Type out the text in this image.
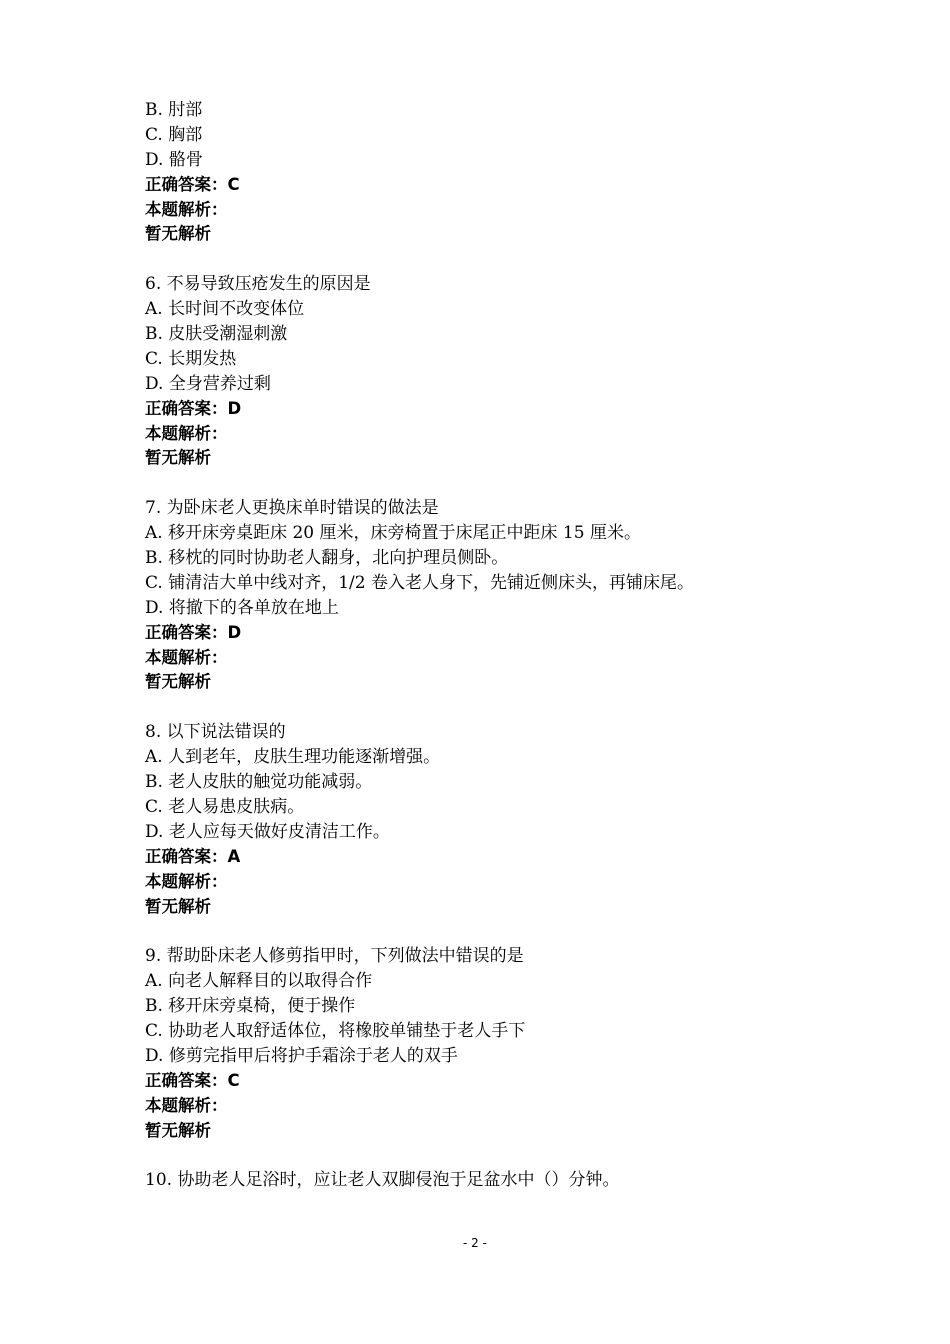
B. 肘部
C. 胸部
D. 骼骨
正确答案：C
本题解析：
暂无解析
6. 不易导致压疮发生的原因是
A. 长时间不改变体位
B. 皮肤受潮湿刺激
C. 长期发热
D. 全身营养过剩
正确答案：D
本题解析：
暂无解析
7. 为卧床老人更换床单时错误的做法是
A. 移开床旁桌距床 20 厘米，床旁椅置于床尾正中距床 15 厘米。
B. 移枕的同时协助老人翻身，北向护理员侧卧。
C. 铺清洁大单中线对齐，1/2 卷入老人身下，先铺近侧床头，再铺床尾。
D. 将撤下的各单放在地上
正确答案：D
本题解析：
暂无解析
8. 以下说法错误的
A. 人到老年，皮肤生理功能逐渐增强。
B. 老人皮肤的触觉功能减弱。
C. 老人易患皮肤病。
D. 老人应每天做好皮清洁工作。
正确答案：A
本题解析：
暂无解析
9. 帮助卧床老人修剪指甲时，下列做法中错误的是
A. 向老人解释目的以取得合作
B. 移开床旁桌椅，便于操作
C. 协助老人取舒适体位，将橡胶单铺垫于老人手下
D. 修剪完指甲后将护手霜涂于老人的双手
正确答案：C
本题解析：
暂无解析
10. 协助老人足浴时，应让老人双脚侵泡于足盆水中（）分钟。
- 2 -
